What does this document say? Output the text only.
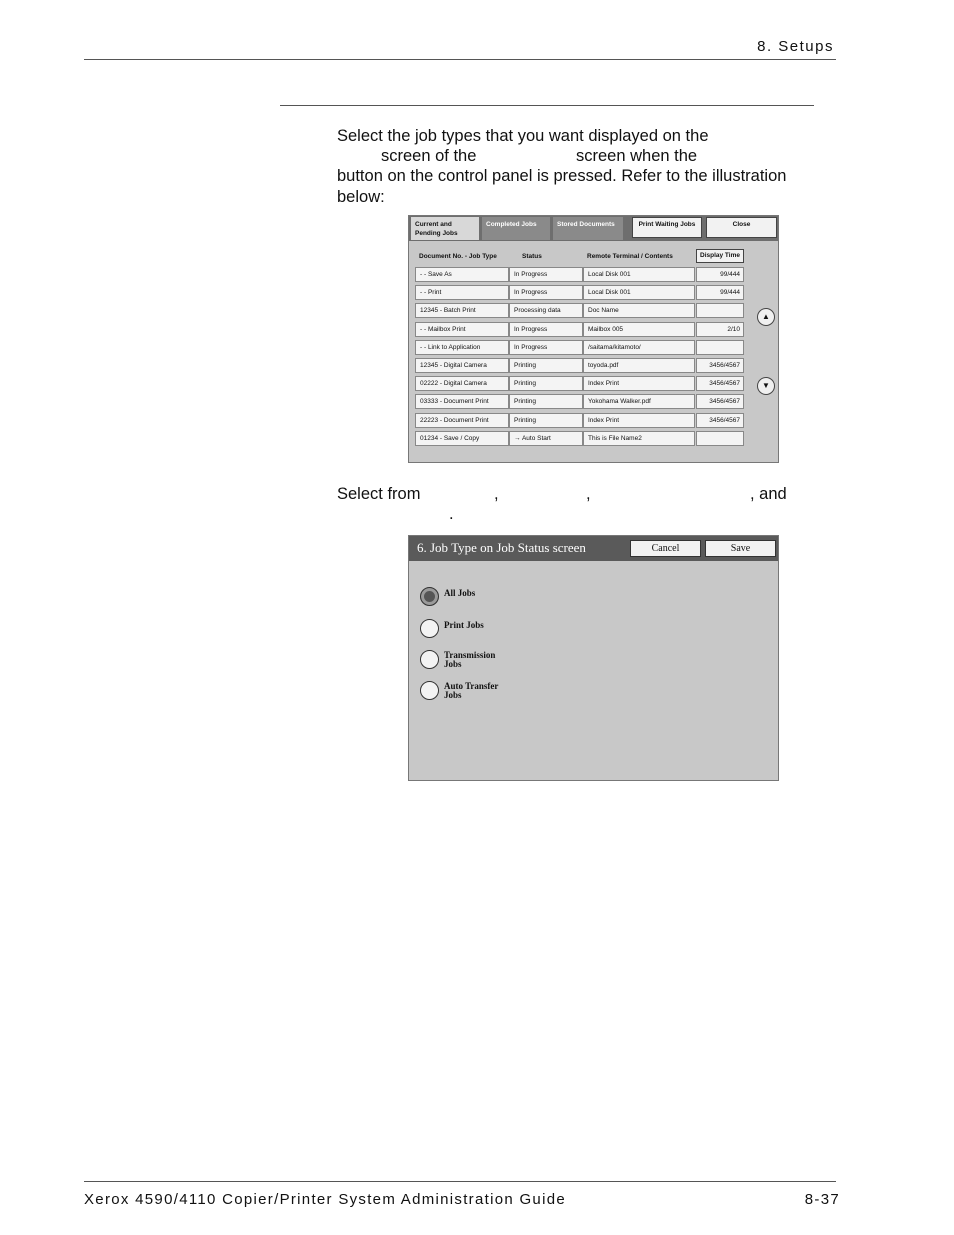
8. Setups
Select the job types that you want displayed on the
screen of the	screen when the
button on the control panel is pressed. Refer to the illustration
below:
Current and Pending Jobs
Completed Jobs	Stored Documents	Print Waiting Jobs	Close
Document No. - Job Type	Status	Remote Terminal / Contents	Display Time
- - Save As	In Progress	Local Disk 001	99/444
- - Print	In Progress	Local Disk 001	99/444
12345 - Batch Print	Processing data	Doc Name
- - Mailbox Print	In Progress	Mailbox 005	2/10
- - Link to Application	In Progress	/saitama/kitamoto/
12345 - Digital Camera	Printing	toyoda.pdf	3456/4567
02222 - Digital Camera	Printing	Index Print	3456/4567
03333 - Document Print	Printing	Yokohama Walker.pdf	3456/4567
22223 - Document Print	Printing	Index Print	3456/4567
01234 - Save / Copy	→ Auto Start	This is File Name2
▲
▼
Select from	,	,	, and
.
6. Job Type on Job Status screen	Cancel	Save
All Jobs
Print Jobs
Transmission
Jobs
Auto Transfer
Jobs
Xerox 4590/4110 Copier/Printer System Administration Guide	8-37
